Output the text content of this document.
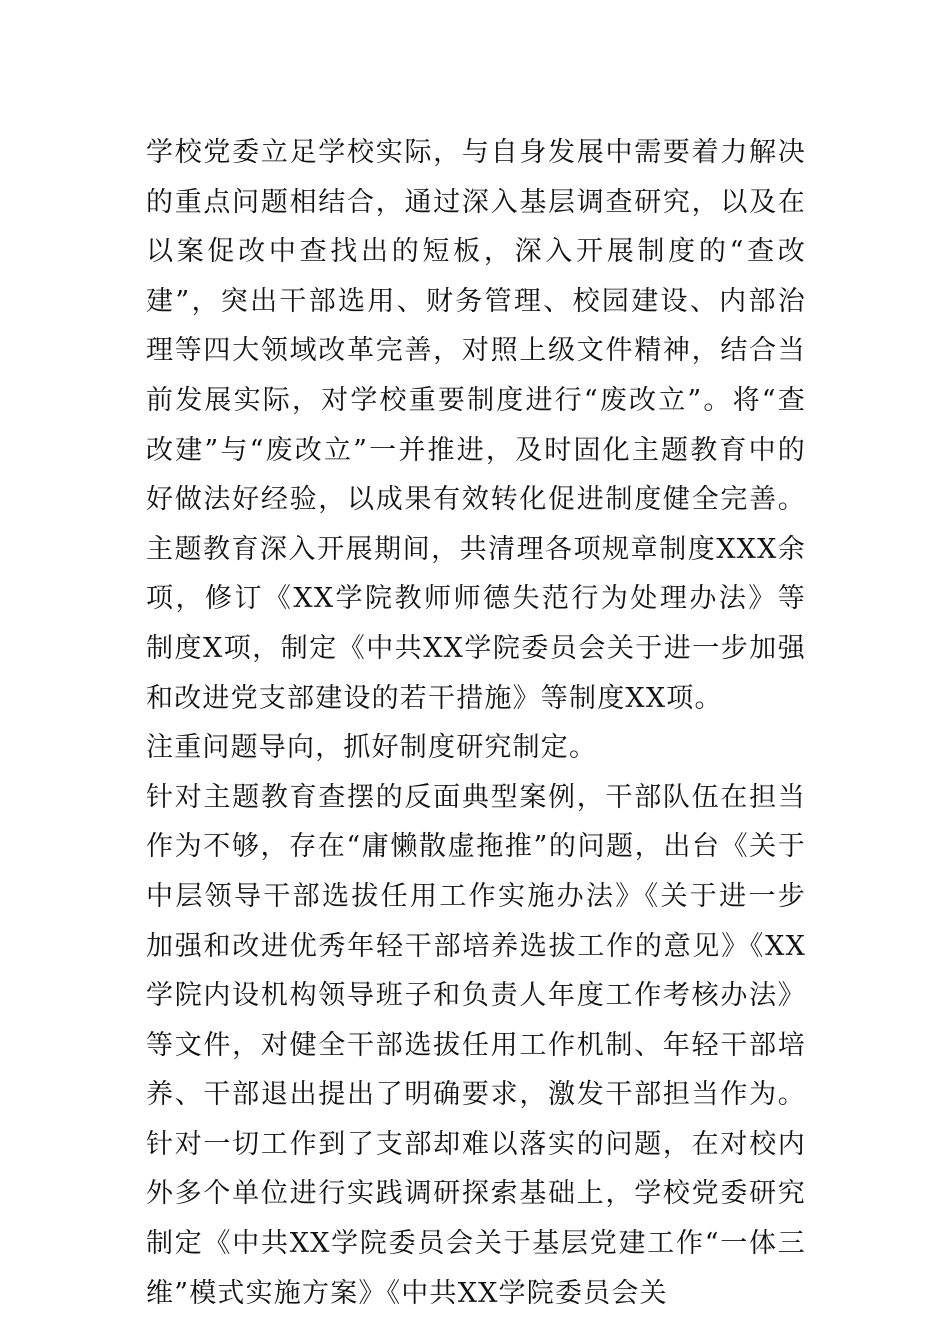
学校党委立足学校实际，与自身发展中需要着力解决的重点问题相结合，通过深入基层调查研究，以及在以案促改中查找出的短板，深入开展制度的“查改建”，突出干部选用、财务管理、校园建设、内部治理等四大领域改革完善，对照上级文件精神，结合当前发展实际，对学校重要制度进行“废改立”。将“查改建”与“废改立”一并推进，及时固化主题教育中的好做法好经验，以成果有效转化促进制度健全完善。主题教育深入开展期间，共清理各项规章制度XXX余项，修订《XX学院教师师德失范行为处理办法》等制度X项，制定《中共XX学院委员会关于进一步加强和改进党支部建设的若干措施》等制度XX项。

注重问题导向，抓好制度研究制定。

针对主题教育查摆的反面典型案例，干部队伍在担当作为不够，存在“庸懒散虚拖推”的问题，出台《关于中层领导干部选拔任用工作实施办法》《关于进一步加强和改进优秀年轻干部培养选拔工作的意见》《XX学院内设机构领导班子和负责人年度工作考核办法》等文件，对健全干部选拔任用工作机制、年轻干部培养、干部退出提出了明确要求，激发干部担当作为。针对一切工作到了支部却难以落实的问题，在对校内外多个单位进行实践调研探索基础上，学校党委研究制定《中共XX学院委员会关于基层党建工作“一体三维”模式实施方案》《中共XX学院委员会关
